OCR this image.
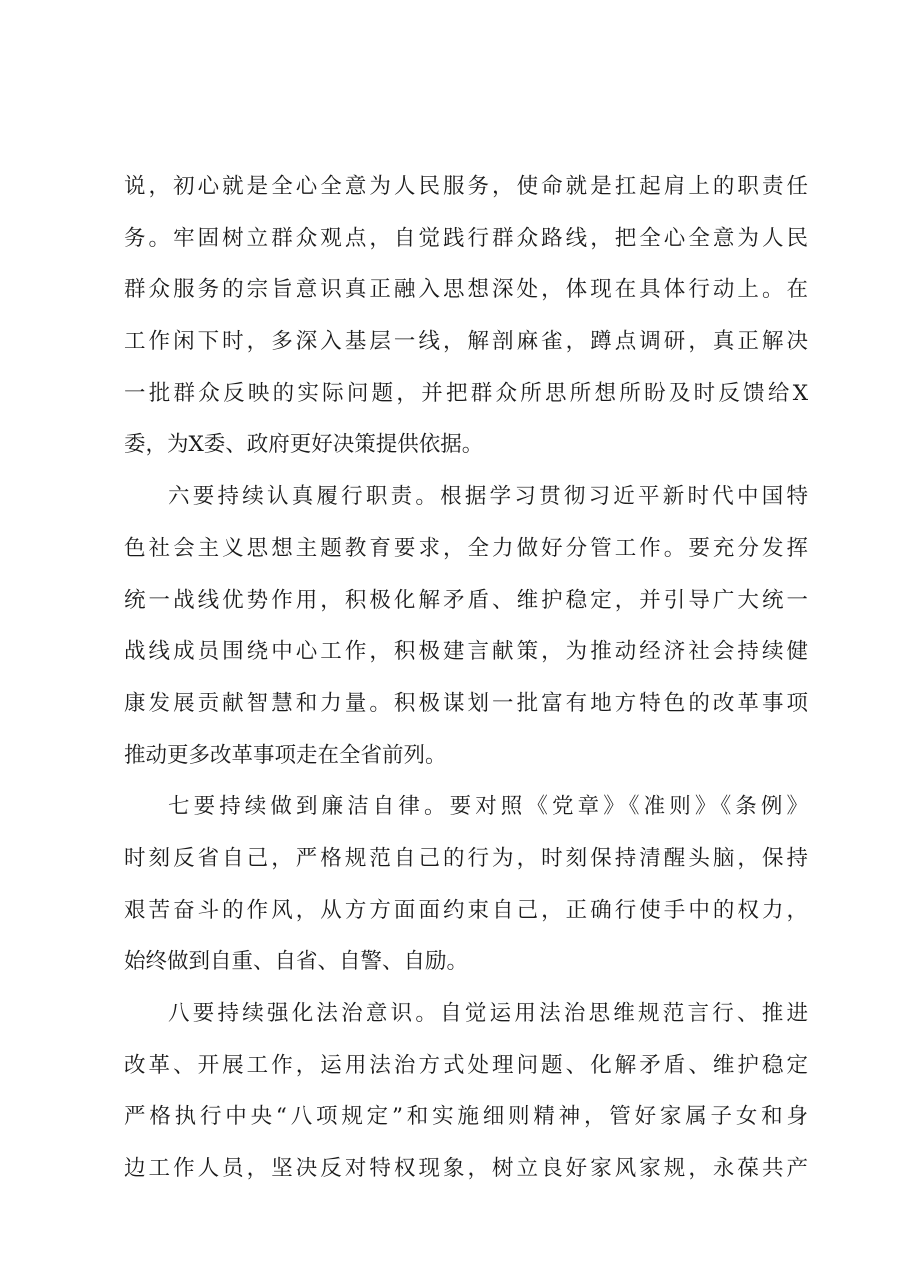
说，初心就是全心全意为人民服务，使命就是扛起肩上的职责任
务。牢固树立群众观点，自觉践行群众路线，把全心全意为人民
群众服务的宗旨意识真正融入思想深处，体现在具体行动上。在
工作闲下时，多深入基层一线，解剖麻雀，蹲点调研，真正解决
一批群众反映的实际问题，并把群众所思所想所盼及时反馈给X
委，为X委、政府更好决策提供依据。
六要持续认真履行职责。根据学习贯彻习近平新时代中国特
色社会主义思想主题教育要求，全力做好分管工作。要充分发挥
统一战线优势作用，积极化解矛盾、维护稳定，并引导广大统一
战线成员围绕中心工作，积极建言献策，为推动经济社会持续健
康发展贡献智慧和力量。积极谋划一批富有地方特色的改革事项
推动更多改革事项走在全省前列。
七要持续做到廉洁自律。要对照《党章》《准则》《条例》
时刻反省自己，严格规范自己的行为，时刻保持清醒头脑，保持
艰苦奋斗的作风，从方方面面约束自己，正确行使手中的权力，
始终做到自重、自省、自警、自励。
八要持续强化法治意识。自觉运用法治思维规范言行、推进
改革、开展工作，运用法治方式处理问题、化解矛盾、维护稳定
严格执行中央“八项规定”和实施细则精神，管好家属子女和身
边工作人员，坚决反对特权现象，树立良好家风家规，永葆共产
